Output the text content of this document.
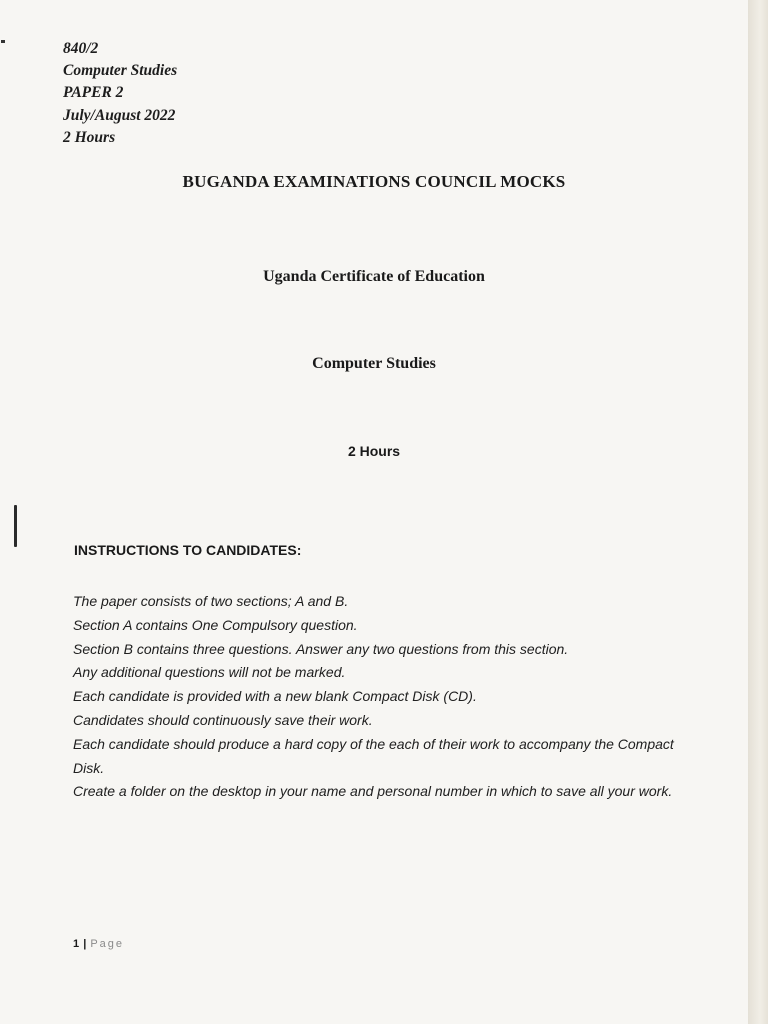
840/2
Computer Studies
PAPER 2
July/August 2022
2 Hours
BUGANDA EXAMINATIONS COUNCIL MOCKS
Uganda Certificate of Education
Computer Studies
2 Hours
INSTRUCTIONS TO CANDIDATES:
The paper consists of two sections; A and B.
Section A contains One Compulsory question.
Section B contains three questions. Answer any two questions from this section.
Any additional questions will not be marked.
Each candidate is provided with a new blank Compact Disk (CD).
Candidates should continuously save their work.
Each candidate should produce a hard copy of the each of their work to accompany the Compact Disk.
Create a folder on the desktop in your name and personal number in which to save all your work.
1 | Page
